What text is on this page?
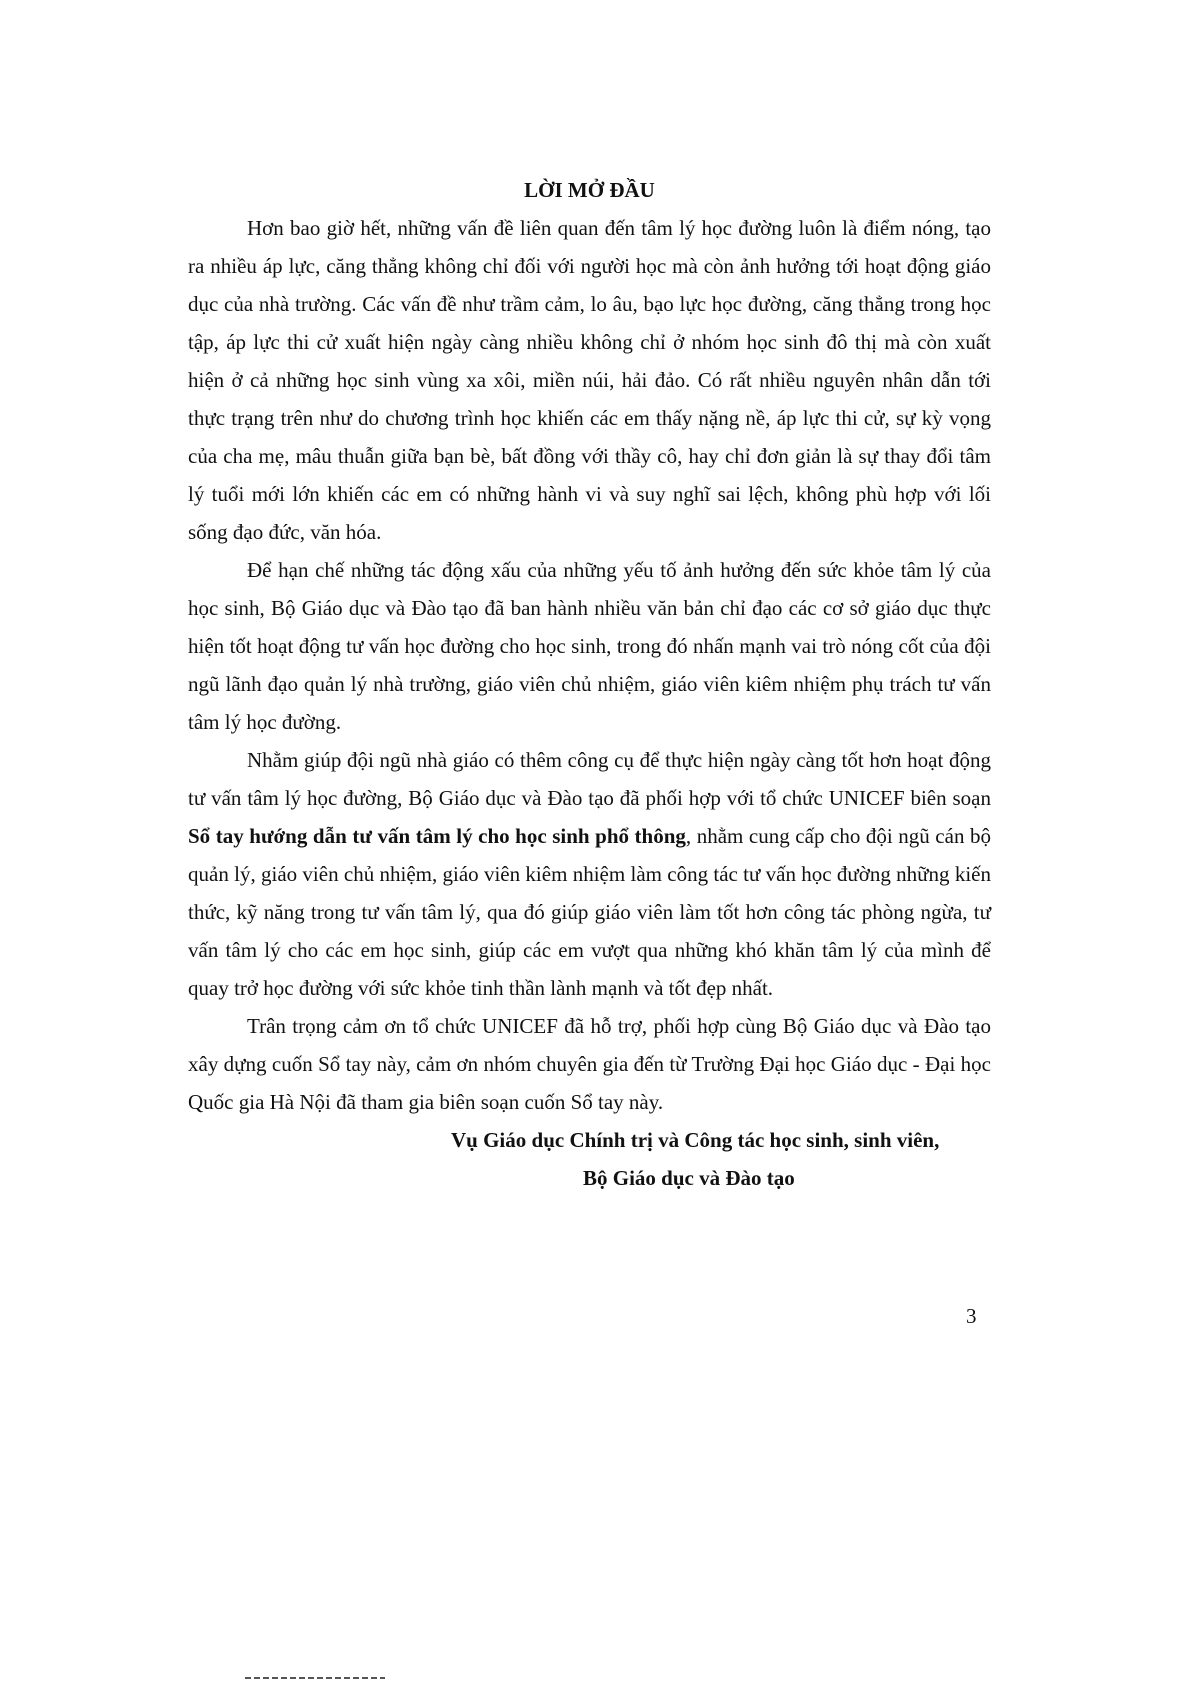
LỜI MỞ ĐẦU

Hơn bao giờ hết, những vấn đề liên quan đến tâm lý học đường luôn là điểm nóng, tạo ra nhiều áp lực, căng thẳng không chỉ đối với người học mà còn ảnh hưởng tới hoạt động giáo dục của nhà trường. Các vấn đề như trầm cảm, lo âu, bạo lực học đường, căng thẳng trong học tập, áp lực thi cử xuất hiện ngày càng nhiều không chỉ ở nhóm học sinh đô thị mà còn xuất hiện ở cả những học sinh vùng xa xôi, miền núi, hải đảo. Có rất nhiều nguyên nhân dẫn tới thực trạng trên như do chương trình học khiến các em thấy nặng nề, áp lực thi cử, sự kỳ vọng của cha mẹ, mâu thuẫn giữa bạn bè, bất đồng với thầy cô, hay chỉ đơn giản là sự thay đổi tâm lý tuổi mới lớn khiến các em có những hành vi và suy nghĩ sai lệch, không phù hợp với lối sống đạo đức, văn hóa.

Để hạn chế những tác động xấu của những yếu tố ảnh hưởng đến sức khỏe tâm lý của học sinh, Bộ Giáo dục và Đào tạo đã ban hành nhiều văn bản chỉ đạo các cơ sở giáo dục thực hiện tốt hoạt động tư vấn học đường cho học sinh, trong đó nhấn mạnh vai trò nóng cốt của đội ngũ lãnh đạo quản lý nhà trường, giáo viên chủ nhiệm, giáo viên kiêm nhiệm phụ trách tư vấn tâm lý học đường.

Nhằm giúp đội ngũ nhà giáo có thêm công cụ để thực hiện ngày càng tốt hơn hoạt động tư vấn tâm lý học đường, Bộ Giáo dục và Đào tạo đã phối hợp với tổ chức UNICEF biên soạn Sổ tay hướng dẫn tư vấn tâm lý cho học sinh phổ thông, nhằm cung cấp cho đội ngũ cán bộ quản lý, giáo viên chủ nhiệm, giáo viên kiêm nhiệm làm công tác tư vấn học đường những kiến thức, kỹ năng trong tư vấn tâm lý, qua đó giúp giáo viên làm tốt hơn công tác phòng ngừa, tư vấn tâm lý cho các em học sinh, giúp các em vượt qua những khó khăn tâm lý của mình để quay trở học đường với sức khỏe tinh thần lành mạnh và tốt đẹp nhất.

Trân trọng cảm ơn tổ chức UNICEF đã hỗ trợ, phối hợp cùng Bộ Giáo dục và Đào tạo xây dựng cuốn Sổ tay này, cảm ơn nhóm chuyên gia đến từ Trường Đại học Giáo dục - Đại học Quốc gia Hà Nội đã tham gia biên soạn cuốn Sổ tay này.

Vụ Giáo dục Chính trị và Công tác học sinh, sinh viên,
Bộ Giáo dục và Đào tạo
3
